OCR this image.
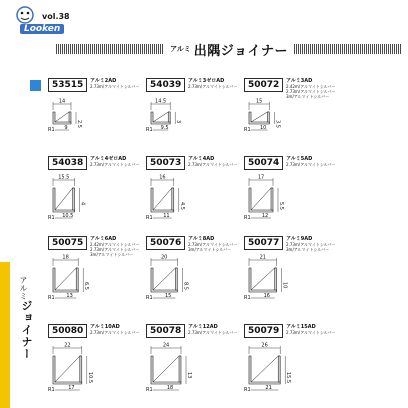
vol.38
Looken
アルミ 出隅ジョイナー
アルミ
ジョイナー
53515	アルミ2AD
2.73m/アルマイトシルバー
14
9
R1
2.5
54039	アルミ3ゼロAD
2.73m/アルマイトシルバー
14.5
9.5
R1
3
50072	アルミ3AD
2.42m/アルマイトシルバー
2.73m/アルマイトシルバー
3m/アルマイトシルバー
15
10
R1
3.5
54038	アルミ4ゼロAD
2.73m/アルマイトシルバー
15.5
10.5
R1
4
50073	アルミ4AD
2.73m/アルマイトシルバー
16
11
R1
4.5
50074	アルミ5AD
2.73m/アルマイトシルバー
17
12
R1
5.5
50075	アルミ6AD
2.42m/アルマイトシルバー
2.73m/アルマイトシルバー
3m/アルマイトシルバー
18
13
R1
6.5
50076	アルミ8AD
2.73m/アルマイトシルバー
3m/アルマイトシルバー
20
15
R1
8.5
50077	アルミ9AD
2.73m/アルマイトシルバー
3m/アルマイトシルバー
21
16
R1
10
50080	アルミ10AD
2.73m/アルマイトシルバー
22
17
R1
10.5
50078	アルミ12AD
2.73m/アルマイトシルバー
24
18
R1
13
50079	アルミ15AD
2.73m/アルマイトシルバー
26
21
R1
15.5
